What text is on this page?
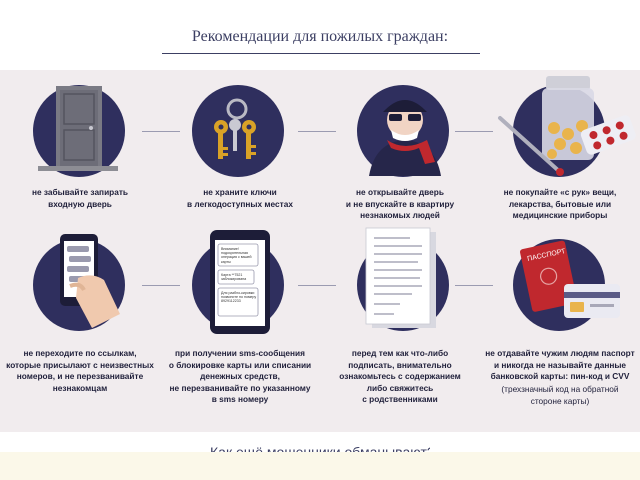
Рекомендации для пожилых граждан:
не забывайте запирать
входную дверь
не храните ключи
в легкодоступных местах
не открывайте дверь
и не впускайте в квартиру
незнакомых людей
не покупайте «с рук» вещи,
лекарства, бытовые или
медицинские приборы
не переходите по ссылкам,
которые присылают с неизвестных
номеров, и не перезванивайте
незнакомцам
Внимание! подозрительная операция с вашей карты
Карта **7521 заблокирована
Для разбло-кировки позвоните по номеру 8929112233
при получении sms-сообщения
о блокировке карты или списании
денежных средств,
не перезванивайте по указанному
в sms номеру
перед тем как что-либо
подписать, внимательно
ознакомьтесь с содержанием
либо свяжитесь
с родственниками
ПАССПОРТ
не отдавайте чужим людям паспорт
и никогда не называйте данные
банковской карты: пин-код и CVV
(трехзначный код на обратной
стороне карты)
